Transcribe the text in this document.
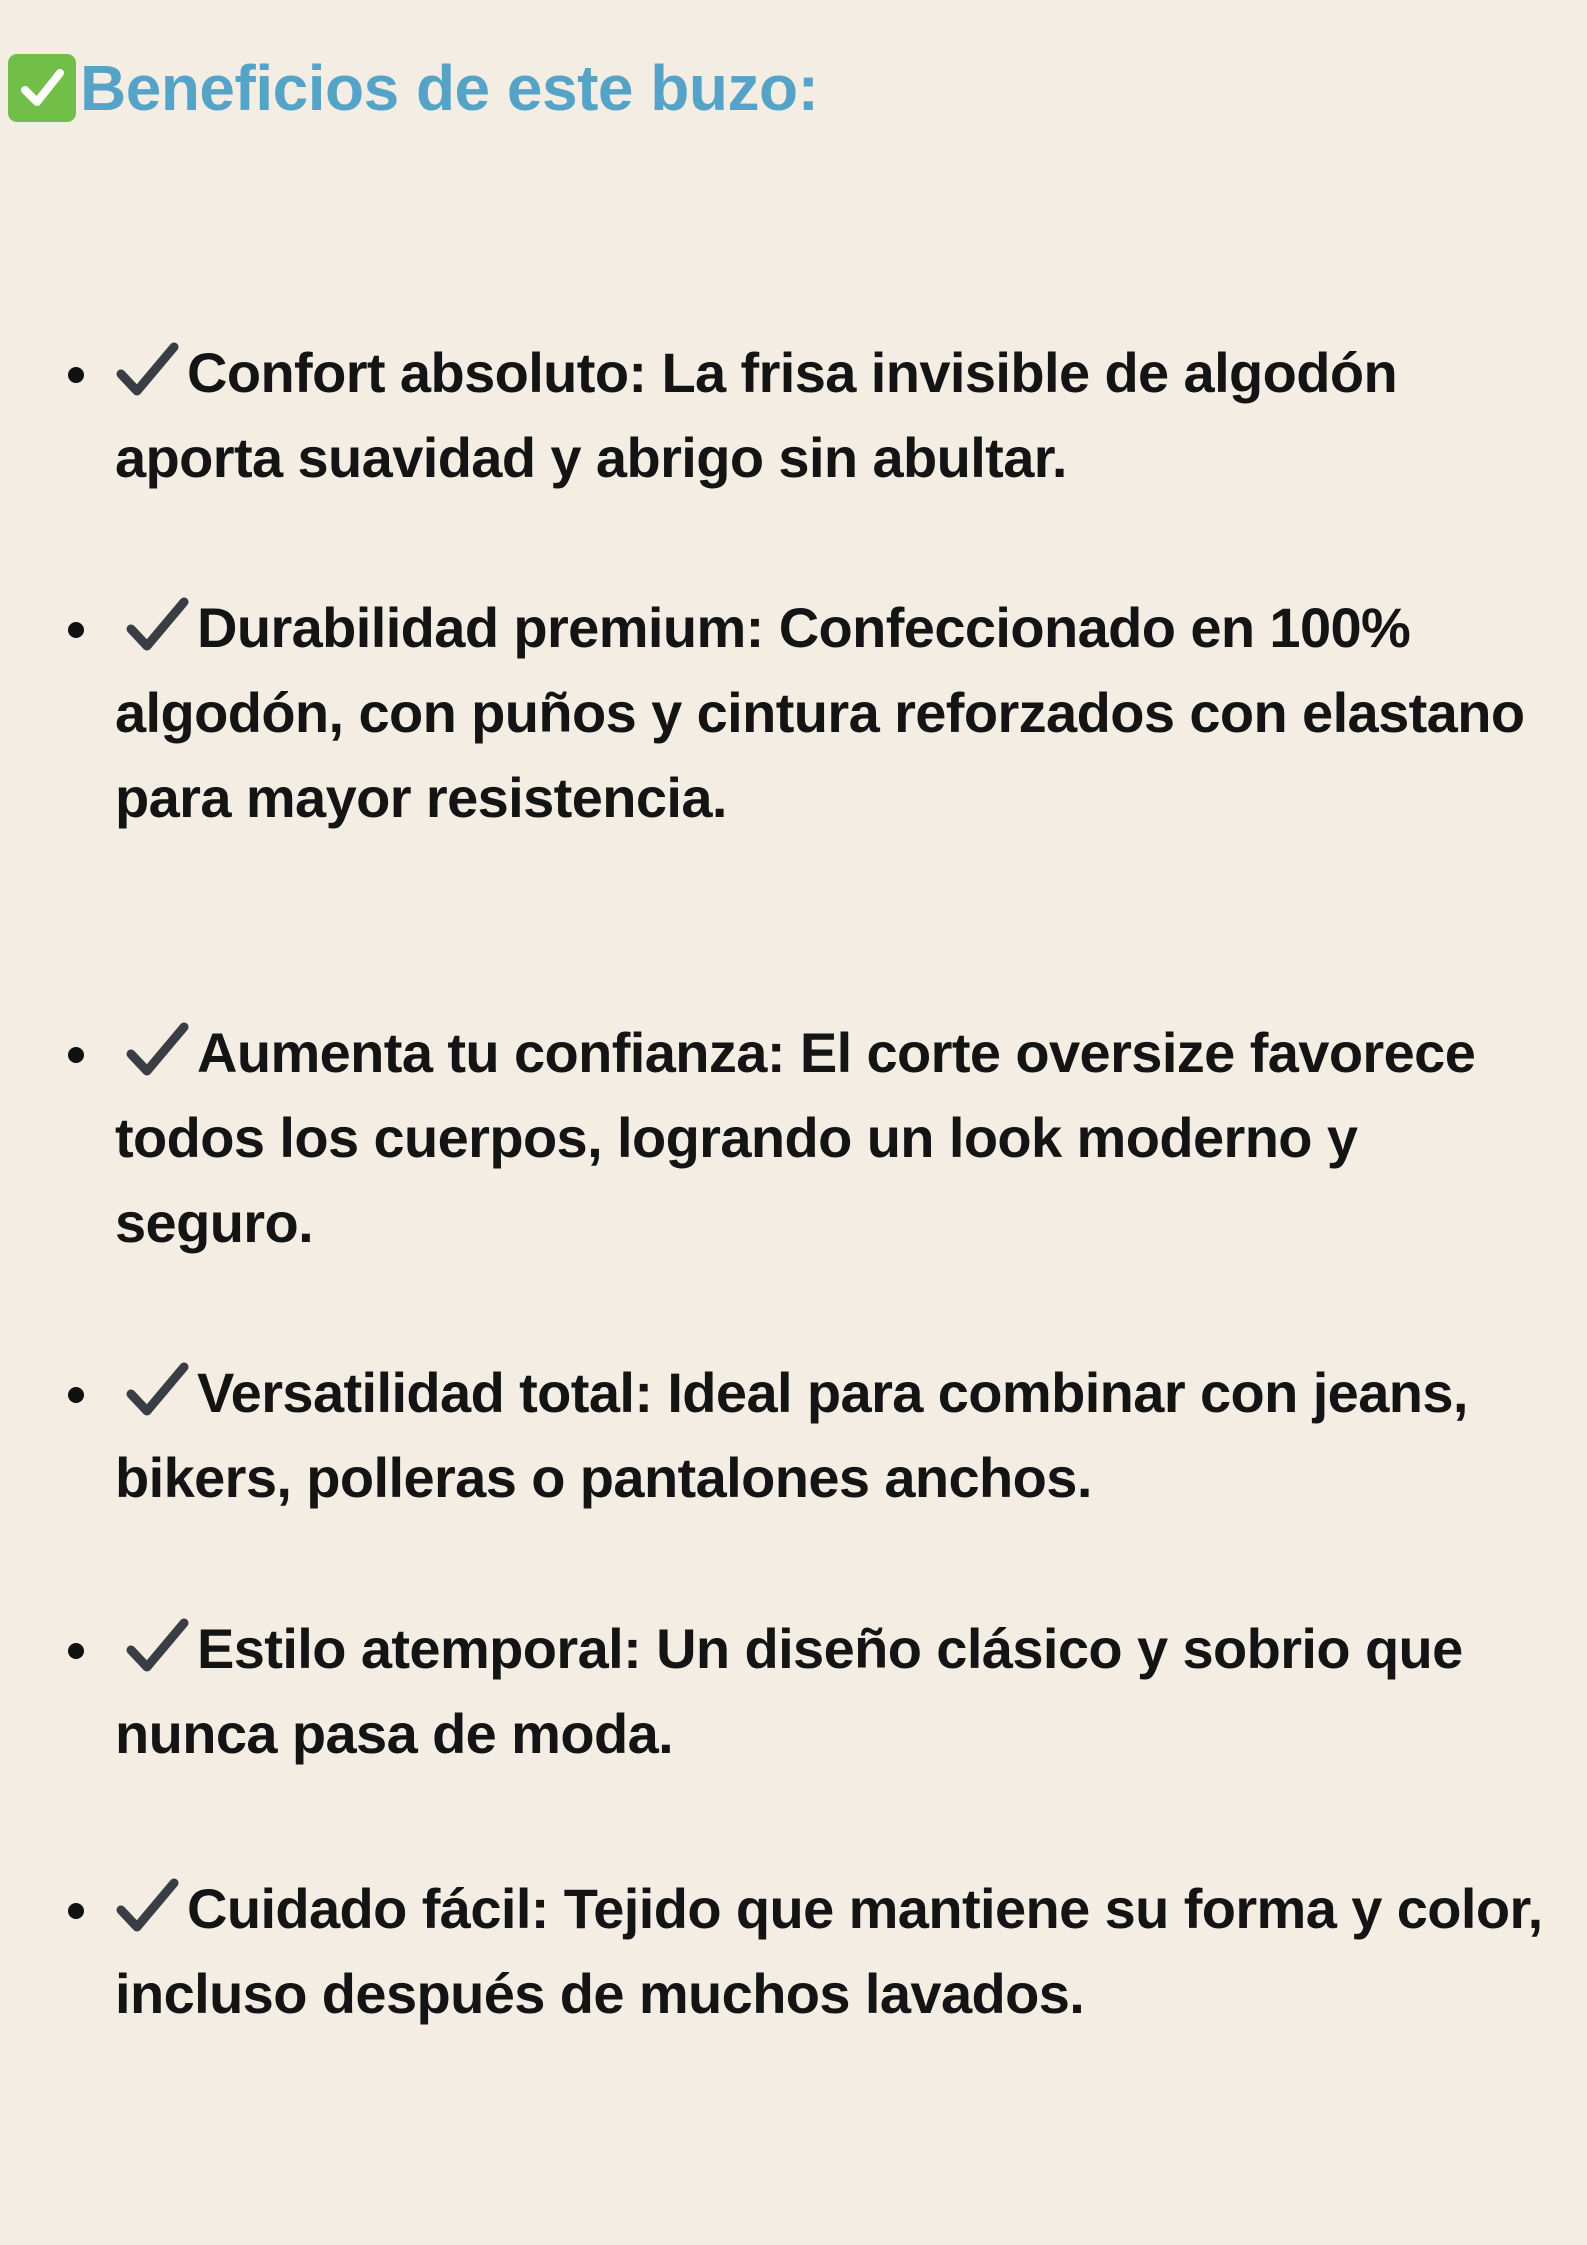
Beneficios de este buzo:

Confort absoluto: La frisa invisible de algodón aporta suavidad y abrigo sin abultar.

Durabilidad premium: Confeccionado en 100% algodón, con puños y cintura reforzados con elastano para mayor resistencia.

Aumenta tu confianza: El corte oversize favorece todos los cuerpos, logrando un look moderno y seguro.

Versatilidad total: Ideal para combinar con jeans, bikers, polleras o pantalones anchos.

Estilo atemporal: Un diseño clásico y sobrio que nunca pasa de moda.

Cuidado fácil: Tejido que mantiene su forma y color, incluso después de muchos lavados.
